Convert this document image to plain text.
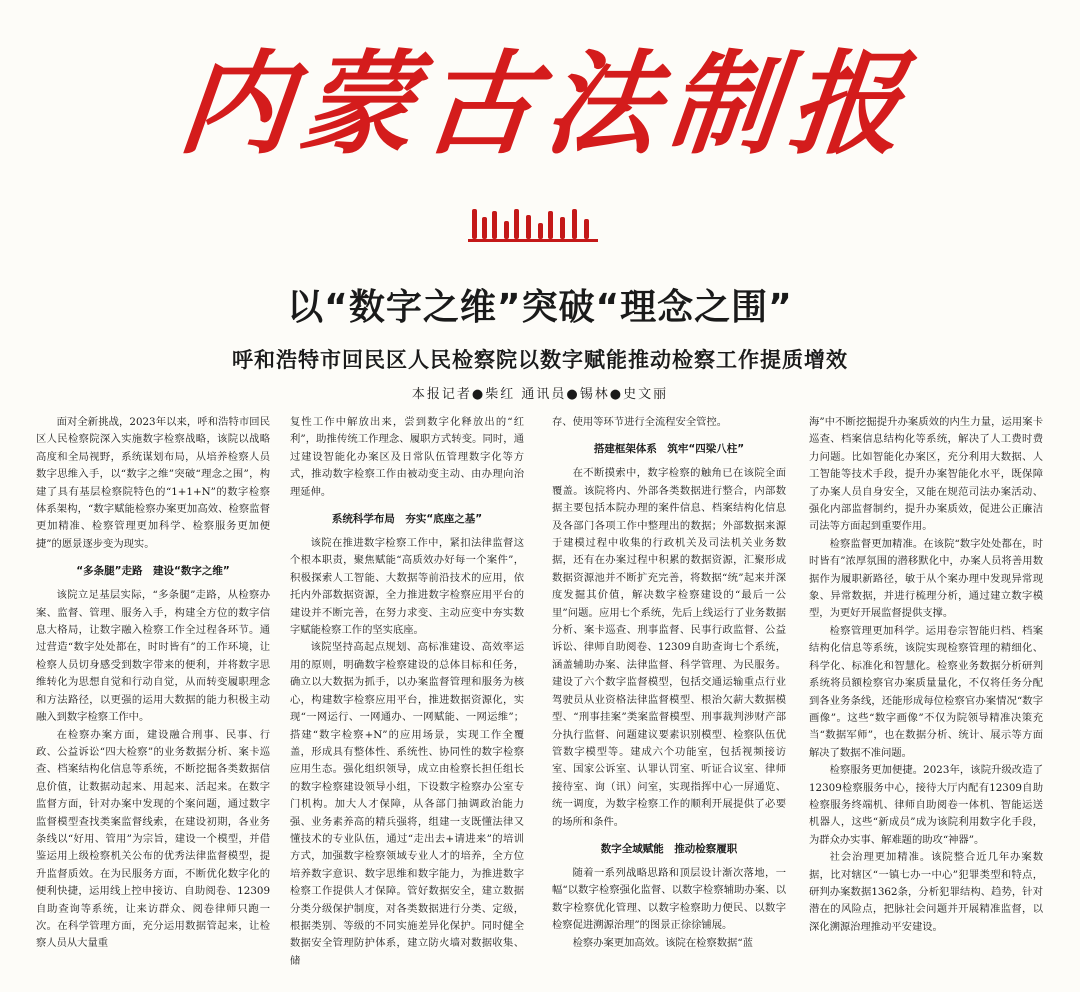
内
蒙
古
法
制
报
以“数字之维”突破“理念之围”
呼和浩特市回民区人民检察院以数字赋能推动检察工作提质增效
本报记者●柴红 通讯员●锡林●史文丽

面对全新挑战，2023年以来，呼和浩特市回民区人民检察院深入实施数字检察战略，该院以战略高度和全局视野，系统谋划布局，从培养检察人员数字思维入手，以“数字之维”突破“理念之围”，构建了具有基层检察院特色的“1+1+N”的数字检察体系架构，“数字赋能检察办案更加高效、检察监督更加精准、检察管理更加科学、检察服务更加便捷”的愿景逐步变为现实。

“多条腿”走路　建设“数字之维”

该院立足基层实际，“多条腿”走路，从检察办案、监督、管理、服务入手，构建全方位的数字信息大格局，让数字融入检察工作全过程各环节。通过营造“数字处处都在，时时皆有”的工作环境，让检察人员切身感受到数字带来的便利，并将数字思维转化为思想自觉和行动自觉，从而转变履职理念和方法路径，以更强的运用大数据的能力积极主动融入到数字检察工作中。

在检察办案方面，建设融合刑事、民事、行政、公益诉讼“四大检察”的业务数据分析、案卡巡查、档案结构化信息等系统，不断挖掘各类数据信息价值，让数据动起来、用起来、活起来。在数字监督方面，针对办案中发现的个案问题，通过数字监督模型查找类案监督线索，在建设初期，各业务条线以“好用、管用”为宗旨，建设一个模型，并借鉴运用上级检察机关公布的优秀法律监督模型，提升监督质效。在为民服务方面，不断优化数字化的便利快捷，运用线上控申接访、自助阅卷、12309自助查询等系统，让来访群众、阅卷律师只跑一次。在科学管理方面，充分运用数据管起来，让检察人员从大量重

复性工作中解放出来，尝到数字化释放出的“红利”，助推传统工作理念、履职方式转变。同时，通过建设智能化办案区及日常队伍管理数字化等方式，推动数字检察工作由被动变主动、由办理向治理延伸。

系统科学布局　夯实“底座之基”

该院在推进数字检察工作中，紧扣法律监督这个根本职责，聚焦赋能“高质效办好每一个案件”，积极探索人工智能、大数据等前沿技术的应用，依托内外部数据资源，全力推进数字检察应用平台的建设并不断完善，在努力求变、主动应变中夯实数字赋能检察工作的坚实底座。

该院坚持高起点规划、高标准建设、高效率运用的原则，明确数字检察建设的总体目标和任务，确立以大数据为抓手，以办案监督管理和服务为核心，构建数字检察应用平台，推进数据资源化，实现“一网运行、一网通办、一网赋能、一网运维”；搭建“数字检察+N”的应用场景，实现工作全覆盖，形成具有整体性、系统性、协同性的数字检察应用生态。强化组织领导，成立由检察长担任组长的数字检察建设领导小组，下设数字检察办公室专门机构。加大人才保障，从各部门抽调政治能力强、业务素养高的精兵强将，组建一支既懂法律又懂技术的专业队伍，通过“走出去+请进来”的培训方式，加强数字检察领域专业人才的培养，全方位培养数字意识、数字思维和数字能力，为推进数字检察工作提供人才保障。管好数据安全，建立数据分类分级保护制度，对各类数据进行分类、定级，根据类别、等级的不同实施差异化保护。同时健全数据安全管理防护体系，建立防火墙对数据收集、储

存、使用等环节进行全流程安全管控。

搭建框架体系　筑牢“四梁八柱”

在不断摸索中，数字检察的触角已在该院全面覆盖。该院将内、外部各类数据进行整合，内部数据主要包括本院办理的案件信息、档案结构化信息及各部门各项工作中整理出的数据；外部数据来源于建模过程中收集的行政机关及司法机关业务数据，还有在办案过程中积累的数据资源，汇聚形成数据资源池并不断扩充完善，将数据“统”起来并深度发掘其价值，解决数字检察建设的“最后一公里”问题。应用七个系统，先后上线运行了业务数据分析、案卡巡查、刑事监督、民事行政监督、公益诉讼、律师自助阅卷、12309自助查询七个系统，涵盖辅助办案、法律监督、科学管理、为民服务。建设了六个数字监督模型，包括交通运输重点行业驾驶员从业资格法律监督模型、根治欠薪大数据模型、“刑事挂案”类案监督模型、刑事裁判涉财产部分执行监督、问题建议要素识别模型、检察队伍优管数字模型等。建成六个功能室，包括视频接访室、国家公诉室、认罪认罚室、听证合议室、律师接待室、询（讯）问室，实现指挥中心一屏通览、统一调度，为数字检察工作的顺利开展提供了必要的场所和条件。

数字全域赋能　推动检察履职

随着一系列战略思路和顶层设计渐次落地，一幅“以数字检察强化监督、以数字检察辅助办案、以数字检察优化管理、以数字检察助力便民、以数字检察促进溯源治理”的图景正徐徐铺展。

检察办案更加高效。该院在检察数据“蓝

海”中不断挖掘提升办案质效的内生力量，运用案卡巡查、档案信息结构化等系统，解决了人工费时费力问题。比如智能化办案区，充分利用大数据、人工智能等技术手段，提升办案智能化水平，既保障了办案人员自身安全，又能在规范司法办案活动、强化内部监督制约，提升办案质效，促进公正廉洁司法等方面起到重要作用。

检察监督更加精准。在该院“数字处处都在，时时皆有”浓厚氛围的潜移默化中，办案人员将善用数据作为履职新路径，敏于从个案办理中发现异常现象、异常数据，并进行梳理分析，通过建立数字模型，为更好开展监督提供支撑。

检察管理更加科学。运用卷宗智能归档、档案结构化信息等系统，该院实现检察管理的精细化、科学化、标准化和智慧化。检察业务数据分析研判系统将员额检察官办案质量量化，不仅将任务分配到各业务条线，还能形成每位检察官办案情况“数字画像”。这些“数字画像”不仅为院领导精准决策充当“数据军师”，也在数据分析、统计、展示等方面解决了数据不准问题。

检察服务更加便捷。2023年，该院升级改造了12309检察服务中心，接待大厅内配有12309自助检察服务终端机、律师自助阅卷一体机、智能运送机器人，这些“新成员”成为该院利用数字化手段，为群众办实事、解难题的助攻“神器”。

社会治理更加精准。该院整合近几年办案数据，比对辖区“一镇七办一中心”犯罪类型和特点，研判办案数据1362条，分析犯罪结构、趋势，针对潜在的风险点，把脉社会问题并开展精准监督，以深化溯源治理推动平安建设。
